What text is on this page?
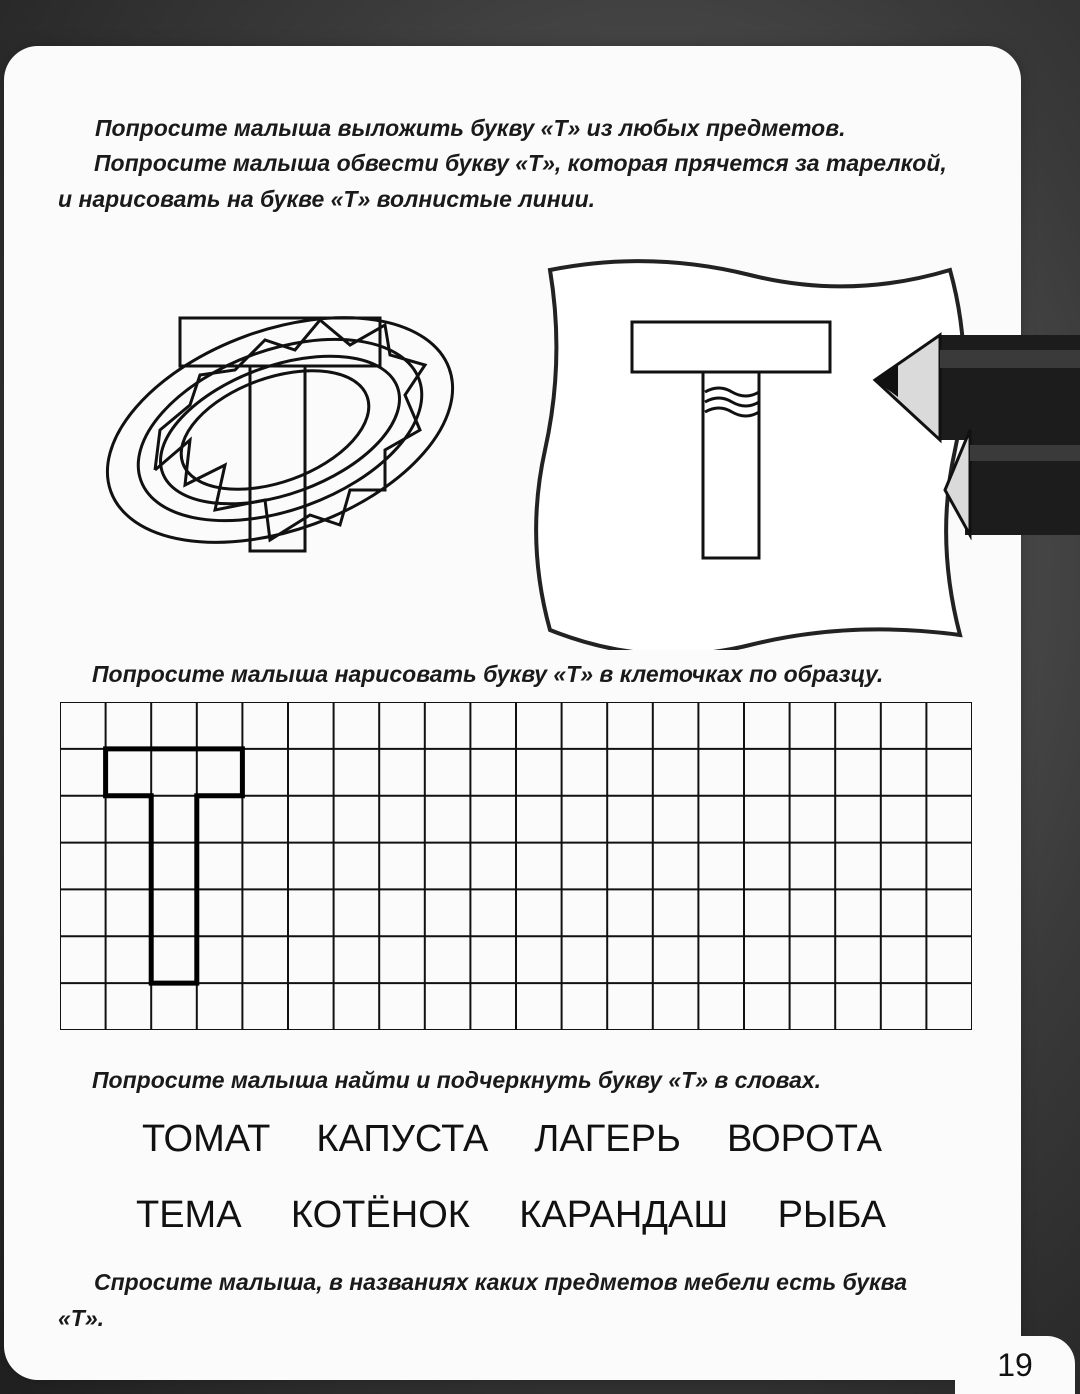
Попросите малыша выложить букву «Т» из любых предметов.

Попросите малыша обвести букву «Т», которая прячется за тарелкой, и нарисовать на букве «Т» волнистые линии.

Попросите малыша нарисовать букву «Т» в клеточках по образцу.

Попросите малыша найти и подчеркнуть букву «Т» в словах.

ТОМАТ КАПУСТА ЛАГЕРЬ ВОРОТА
ТЕМА КОТЁНОК КАРАНДАШ РЫБА

Спросите малыша, в названиях каких предметов мебели есть буква «Т».

19
